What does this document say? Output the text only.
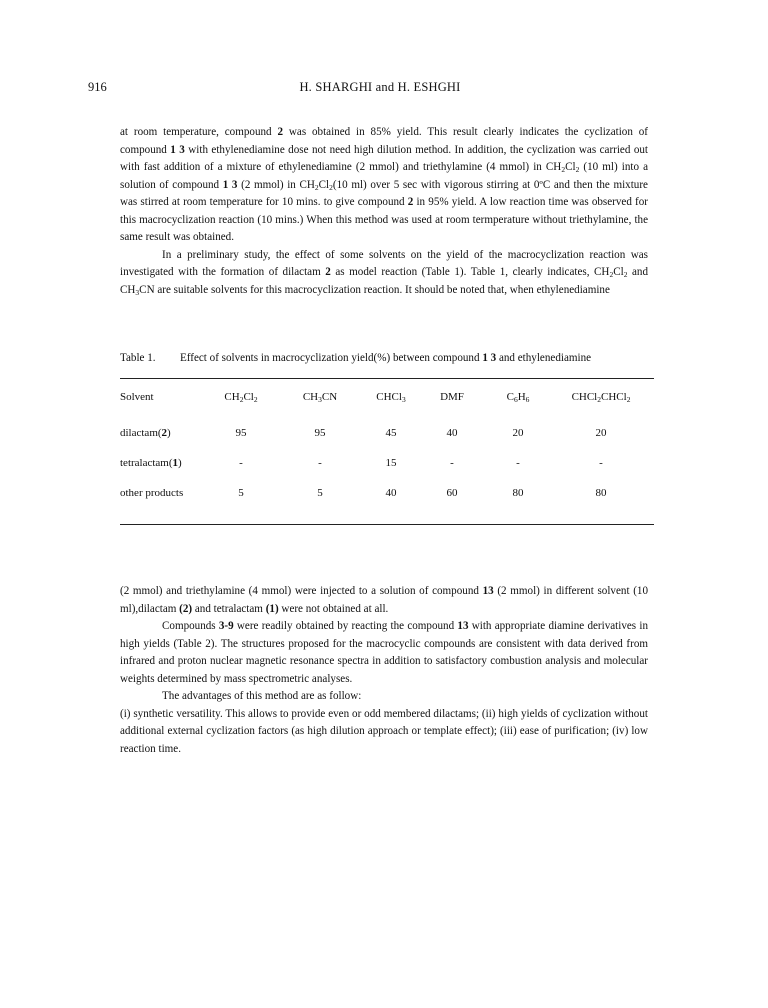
916	H. SHARGHI and H. ESHGHI

at room temperature, compound 2 was obtained in 85% yield. This result clearly indicates the cyclization of compound 1 3 with ethylenediamine dose not need high dilution method. In addition, the cyclization was carried out with fast addition of a mixture of ethylenediamine (2 mmol) and triethylamine (4 mmol) in $CH_2Cl_2$ (10 ml) into a solution of compound 1 3 (2 mmol) in $CH_2Cl_2(10$ ml) over 5 sec with vigorous stirring at 0ºC and then the mixture was stirred at room temperature for 10 mins. to give compound 2 in 95% yield. A low reaction time was observed for this macrocyclization reaction (10 mins.) When this method was used at room termperature without triethylamine, the same result was obtained.

In a preliminary study, the effect of some solvents on the yield of the macrocyclization reaction was investigated with the formation of dilactam 2 as model reaction (Table 1). Table 1, clearly indicates, $CH_2Cl_2$ and $CH_3CN$ are suitable solvents for this macrocyclization reaction. It should be noted that, when ethylenediamine

Table 1. Effect of solvents in macrocyclization yield(%) between compound 1 3 and ethylenediamine
Solvent	$CH_2Cl_2$	$CH_3CN$	CHCl$_3$	DMF	$C_6H_6$	CHCl$_2$CHCl$_2$

dilactam(2)	95	95	45	40	20	20
tetralactam(1)	-	-	15	-	-	-
other products	5	5	40	60	80	80

(2 mmol) and triethylamine (4 mmol) were injected to a solution of compound 13 (2 mmol) in different solvent (10 ml),dilactam (2) and tetralactam (1) were not obtained at all.

Compounds 3-9 were readily obtained by reacting the compound 13 with appropriate diamine derivatives in high yields (Table 2). The structures proposed for the macrocyclic compounds are consistent with data derived from infrared and proton nuclear magnetic resonance spectra in addition to satisfactory combustion analysis and molecular weights determined by mass spectrometric analyses.

The advantages of this method are as follow:

(i) synthetic versatility. This allows to provide even or odd membered dilactams; (ii) high yields of cyclization without additional external cyclization factors (as high dilution approach or template effect); (iii) ease of purification; (iv) low reaction time.
